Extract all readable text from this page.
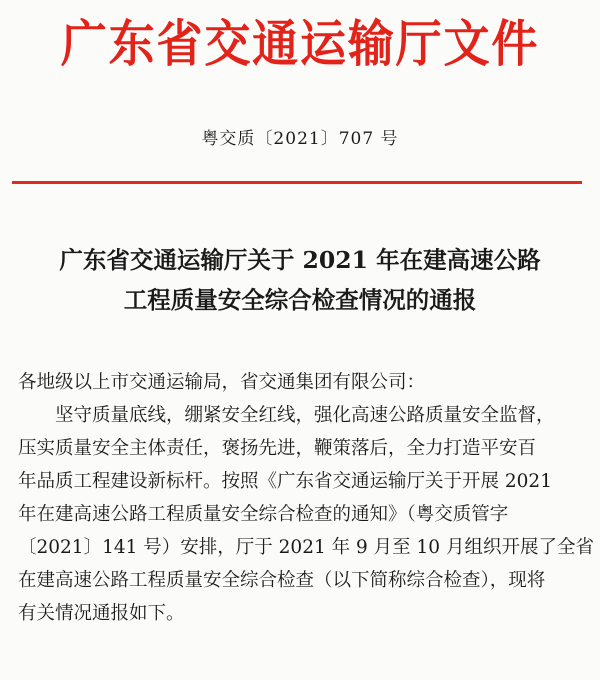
广东省交通运输厅文件
粤交质〔2021〕707 号
广东省交通运输厅关于 2021 年在建高速公路
工程质量安全综合检查情况的通报
各地级以上市交通运输局，省交通集团有限公司：
坚守质量底线，绷紧安全红线，强化高速公路质量安全监督，
压实质量安全主体责任，褒扬先进，鞭策落后，全力打造平安百
年品质工程建设新标杆。按照《广东省交通运输厅关于开展 2021
年在建高速公路工程质量安全综合检查的通知》（粤交质管字
〔2021〕141 号）安排，厅于 2021 年 9 月至 10 月组织开展了全省
在建高速公路工程质量安全综合检查（以下简称综合检查），现将
有关情况通报如下。
